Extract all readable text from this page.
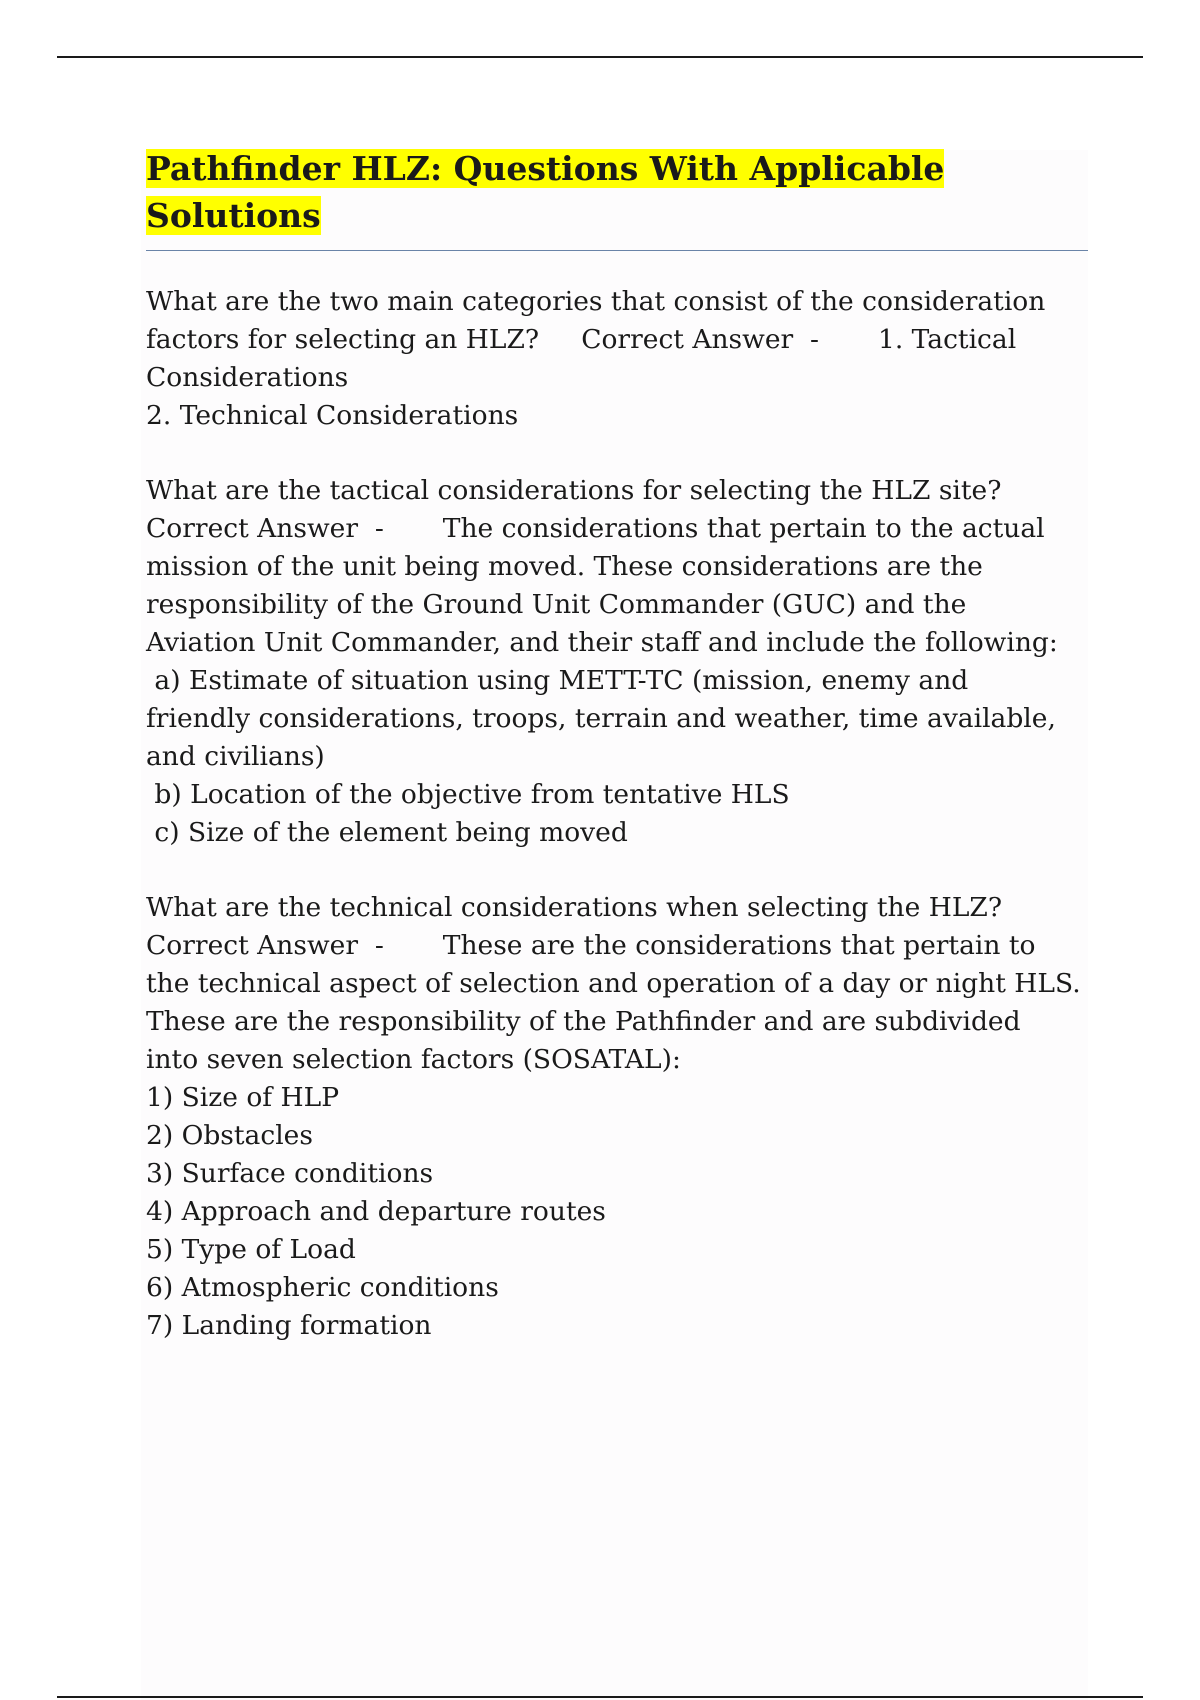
Pathfinder HLZ: Questions With Applicable
Solutions
What are the two main categories that consist of the consideration
factors for selecting an HLZ?     Correct Answer  -       1. Tactical
Considerations
2. Technical Considerations
What are the tactical considerations for selecting the HLZ site?
Correct Answer  -       The considerations that pertain to the actual
mission of the unit being moved. These considerations are the
responsibility of the Ground Unit Commander (GUC) and the
Aviation Unit Commander, and their staff and include the following:
a) Estimate of situation using METT-TC (mission, enemy and
friendly considerations, troops, terrain and weather, time available,
and civilians)
b) Location of the objective from tentative HLS
c) Size of the element being moved
What are the technical considerations when selecting the HLZ?
Correct Answer  -       These are the considerations that pertain to
the technical aspect of selection and operation of a day or night HLS.
These are the responsibility of the Pathfinder and are subdivided
into seven selection factors (SOSATAL):
1) Size of HLP
2) Obstacles
3) Surface conditions
4) Approach and departure routes
5) Type of Load
6) Atmospheric conditions
7) Landing formation
